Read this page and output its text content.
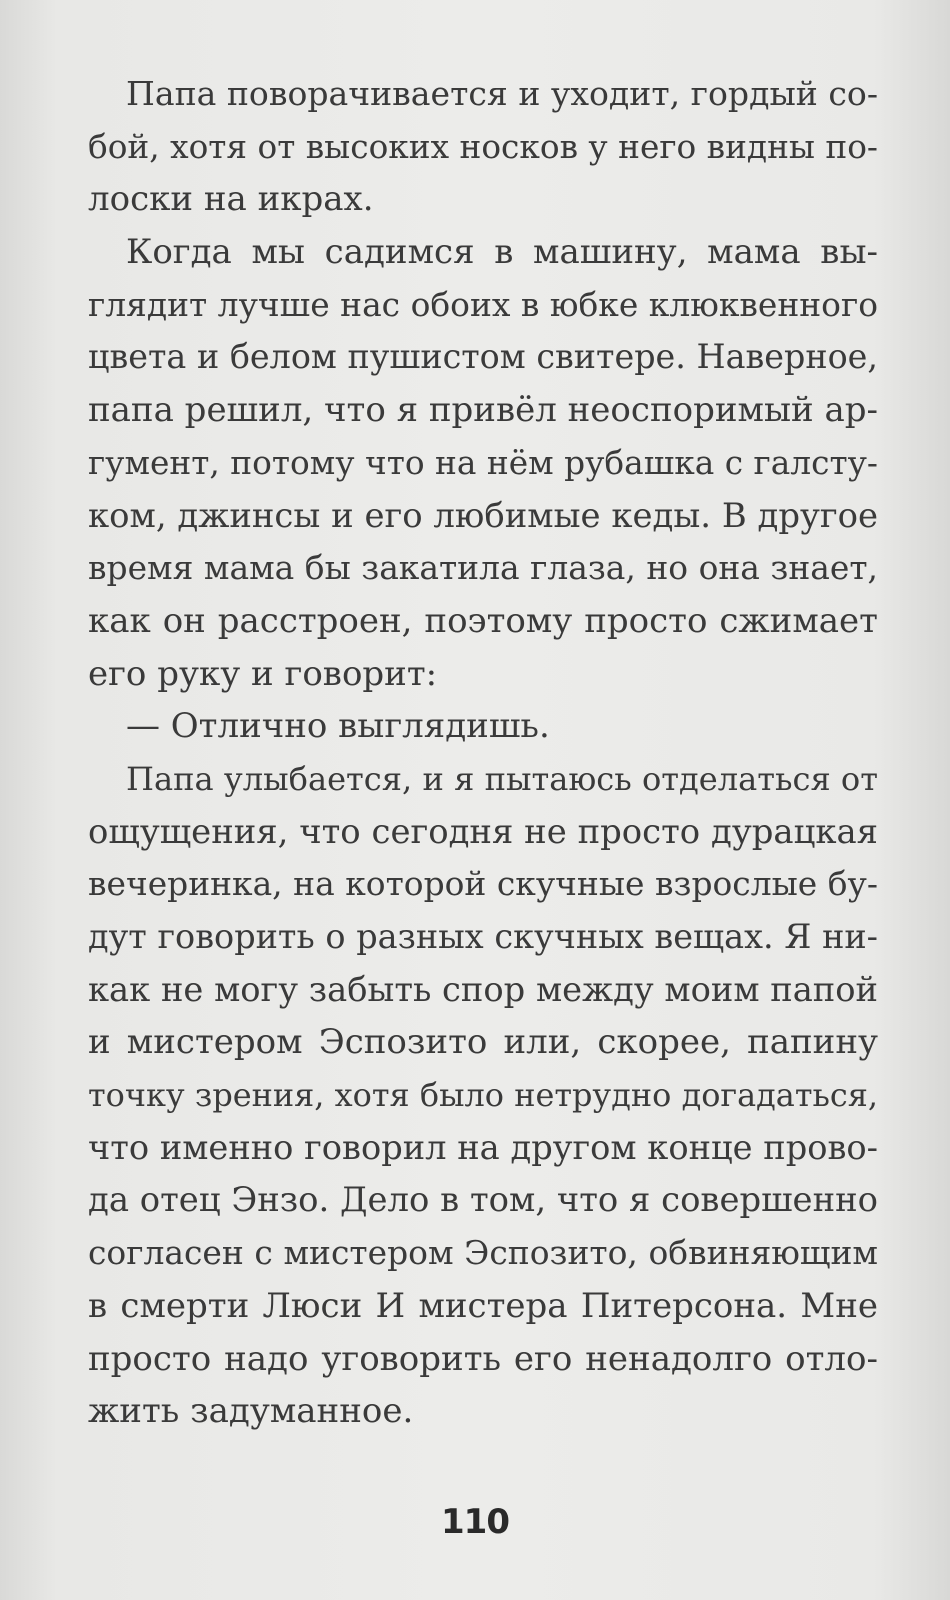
Папа поворачивается и уходит, гордый со-
бой, хотя от высоких носков у него видны по-
лоски на икрах.
Когда мы садимся в машину, мама вы-
глядит лучше нас обоих в юбке клюквенного
цвета и белом пушистом свитере. Наверное,
папа решил, что я привёл неоспоримый ар-
гумент, потому что на нём рубашка с галсту-
ком, джинсы и его любимые кеды. В другое
время мама бы закатила глаза, но она знает,
как он расстроен, поэтому просто сжимает
его руку и говорит:
— Отлично выглядишь.
Папа улыбается, и я пытаюсь отделаться от
ощущения, что сегодня не просто дурацкая
вечеринка, на которой скучные взрослые бу-
дут говорить о разных скучных вещах. Я ни-
как не могу забыть спор между моим папой
и мистером Эспозито или, скорее, папину
точку зрения, хотя было нетрудно догадаться,
что именно говорил на другом конце прово-
да отец Энзо. Дело в том, что я совершенно
согласен с мистером Эспозито, обвиняющим
в смерти Люси И мистера Питерсона. Мне
просто надо уговорить его ненадолго отло-
жить задуманное.
110
